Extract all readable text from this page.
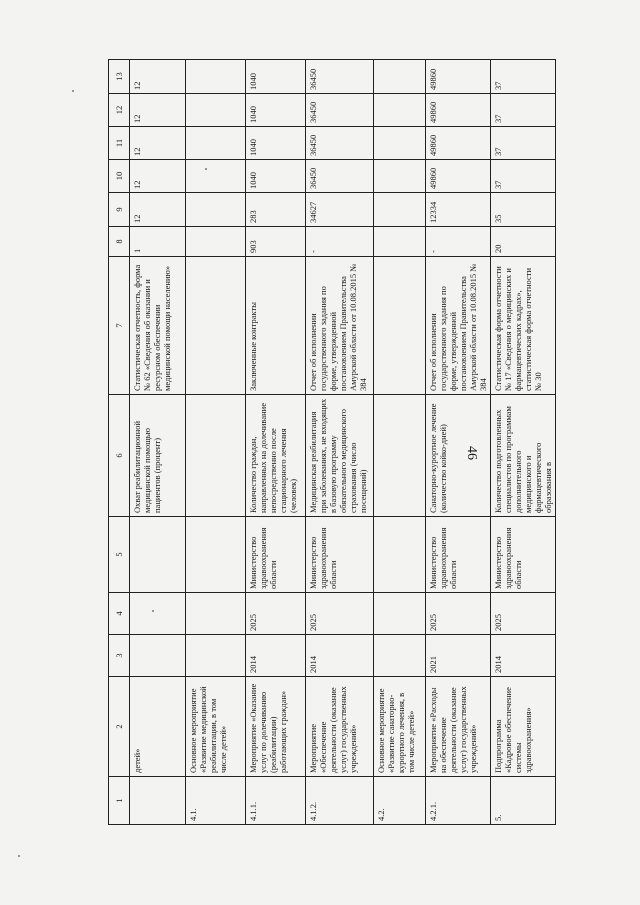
46
1	2	3	4	5	6	7	8	9	10	11	12	13
	детей»				Охват реабилитационной медицинской помощью пациентов (процент)	Статистическая отчетность, форма № 62 «Сведения об оказании и ресурсном обеспечении медицинской помощи населению»	1	12	12	12	12	12
4.1.	Основное мероприятие «Развитие медицинской реабилитации, в том числе детей»											
4.1.1.	Мероприятие «Оказание услуг по долечиванию (реабилитации) работающих граждан»	2014	2025	Министерство здравоохранения области	Количество граждан, направленных на долечивание непосредственно после стационарного лечения (человек)	Заключенные контракты	903	283	1040	1040	1040	1040
4.1.2.	Мероприятие «Обеспечение деятельности (оказание услуг) государственных учреждений»	2014	2025	Министерство здравоохранения области	Медицинская реабилитация при заболеваниях, не входящих в базовую программу обязательного медицинского страхования (число посещений)	Отчет об исполнении государственного задания по форме, утвержденной постановлением Правительства Амурской области от 10.08.2015 № 384	-	34627	36450	36450	36450	36450
4.2.	Основное мероприятие «Развитие санаторно-курортного лечения, в том числе детей»											
4.2.1.	Мероприятие «Расходы на обеспечение деятельности (оказание услуг) государственных учреждений»	2021	2025	Министерство здравоохранения области	Санаторно-курортное лечение (количество койко-дней)	Отчет об исполнении государственного задания по форме, утвержденной постановлением Правительства Амурской области от 10.08.2015 № 384	-	12334	49860	49860	49860	49860
5.	Подпрограмма «Кадровое обеспечение системы здравоохранения»	2014	2025	Министерство здравоохранения области	Количество подготовленных специалистов по программам дополнительного медицинского и фармацевтического образования в	Статистическая форма отчетности № 17 «Сведения о медицинских и фармацевтических кадрах», статистическая форма отчетности № 30	20	35	37	37	37	37
